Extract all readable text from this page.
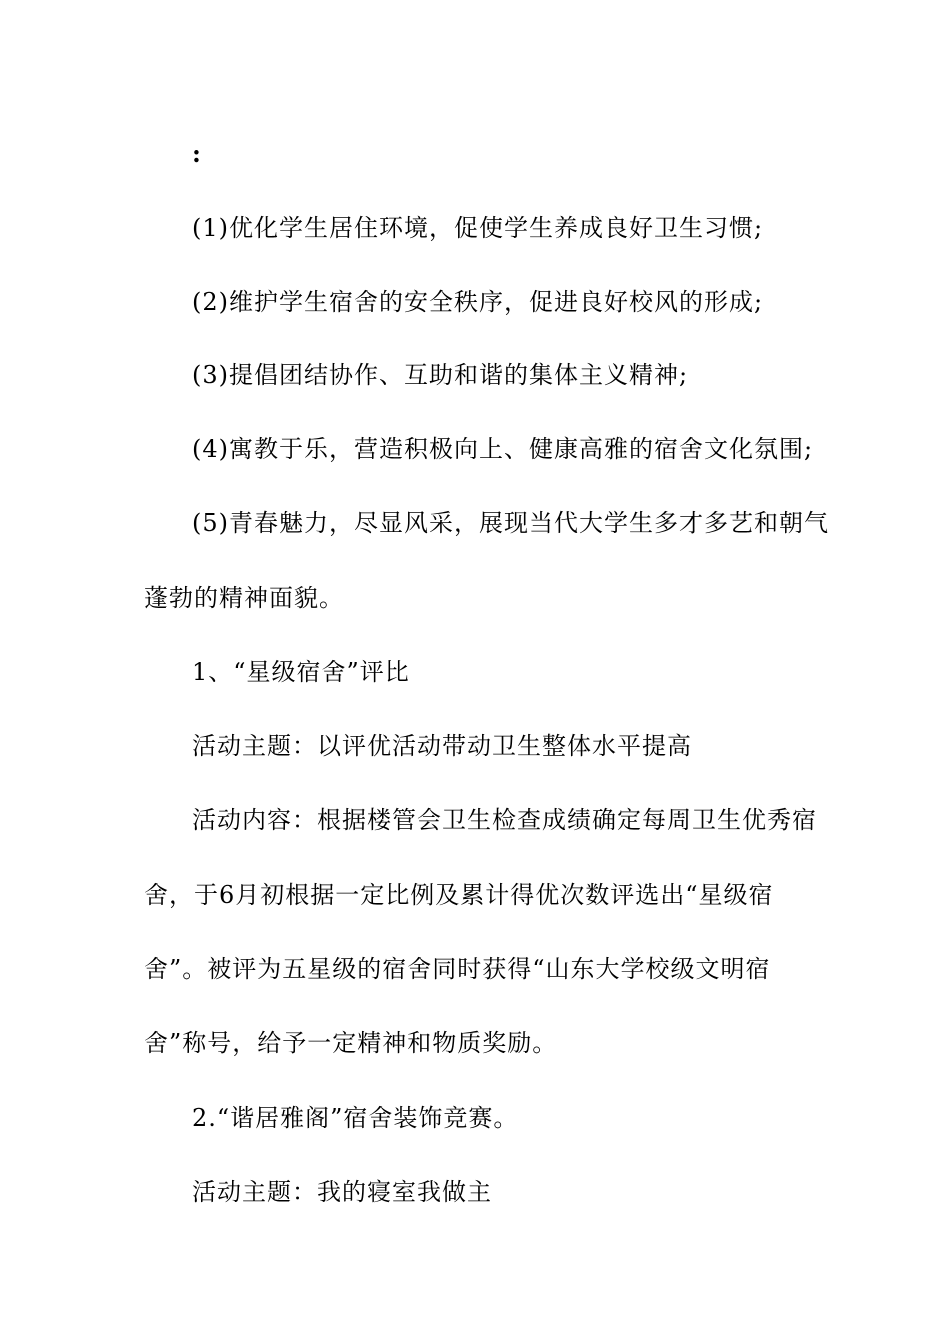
:
(1)优化学生居住环境，促使学生养成良好卫生习惯;
(2)维护学生宿舍的安全秩序，促进良好校风的形成;
(3)提倡团结协作、互助和谐的集体主义精神;
(4)寓教于乐，营造积极向上、健康高雅的宿舍文化氛围;
(5)青春魅力，尽显风采，展现当代大学生多才多艺和朝气
蓬勃的精神面貌。
1、“星级宿舍”评比
活动主题：以评优活动带动卫生整体水平提高
活动内容：根据楼管会卫生检查成绩确定每周卫生优秀宿
舍，于6月初根据一定比例及累计得优次数评选出“星级宿
舍”。被评为五星级的宿舍同时获得“山东大学校级文明宿
舍”称号，给予一定精神和物质奖励。
2.“谐居雅阁”宿舍装饰竞赛。
活动主题：我的寝室我做主
